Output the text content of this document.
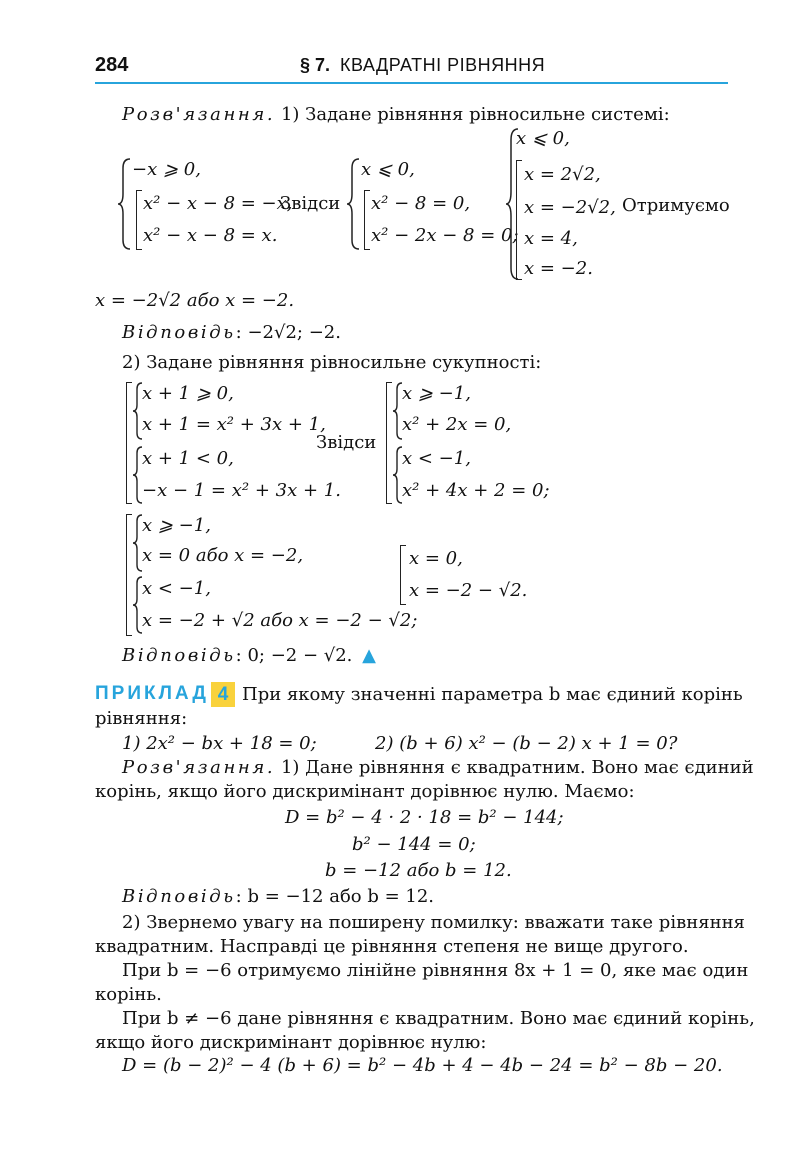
284	§ 7. КВАДРАТНІ РІВНЯННЯ
Розв'язання. 1) Задане рівняння рівносильне системі:
−x ⩾ 0,
x² − x − 8 = −x,
x² − x − 8 = x.
Звідси
x ⩽ 0,
x² − 8 = 0,
x² − 2x − 8 = 0;
x ⩽ 0,
x = 2√2,
x = −2√2,
x = 4,
x = −2.
Отримуємо
x = −2√2 або x = −2.
Відповідь: −2√2; −2.
2) Задане рівняння рівносильне сукупності:
x + 1 ⩾ 0,
x + 1 = x² + 3x + 1,
x + 1 < 0,
−x − 1 = x² + 3x + 1.
Звідси
x ⩾ −1,
x² + 2x = 0,
x < −1,
x² + 4x + 2 = 0;
x ⩾ −1,
x = 0 або x = −2,
x < −1,
x = −2 + √2 або x = −2 − √2;
x = 0,
x = −2 − √2.
Відповідь: 0; −2 − √2. ▲
ПРИКЛАД 4 При якому значенні параметра b має єдиний корінь
рівняння:
1) 2x² − bx + 18 = 0;	2) (b + 6) x² − (b − 2) x + 1 = 0?
Розв'язання. 1) Дане рівняння є квадратним. Воно має єдиний
корінь, якщо його дискримінант дорівнює нулю. Маємо:
D = b² − 4 · 2 · 18 = b² − 144;
b² − 144 = 0;
b = −12 або b = 12.
Відповідь: b = −12 або b = 12.
2) Звернемо увагу на поширену помилку: вважати таке рівняння
квадратним. Насправді це рівняння степеня не вище другого.
При b = −6 отримуємо лінійне рівняння 8x + 1 = 0, яке має один
корінь.
При b ≠ −6 дане рівняння є квадратним. Воно має єдиний корінь,
якщо його дискримінант дорівнює нулю:
D = (b − 2)² − 4 (b + 6) = b² − 4b + 4 − 4b − 24 = b² − 8b − 20.
